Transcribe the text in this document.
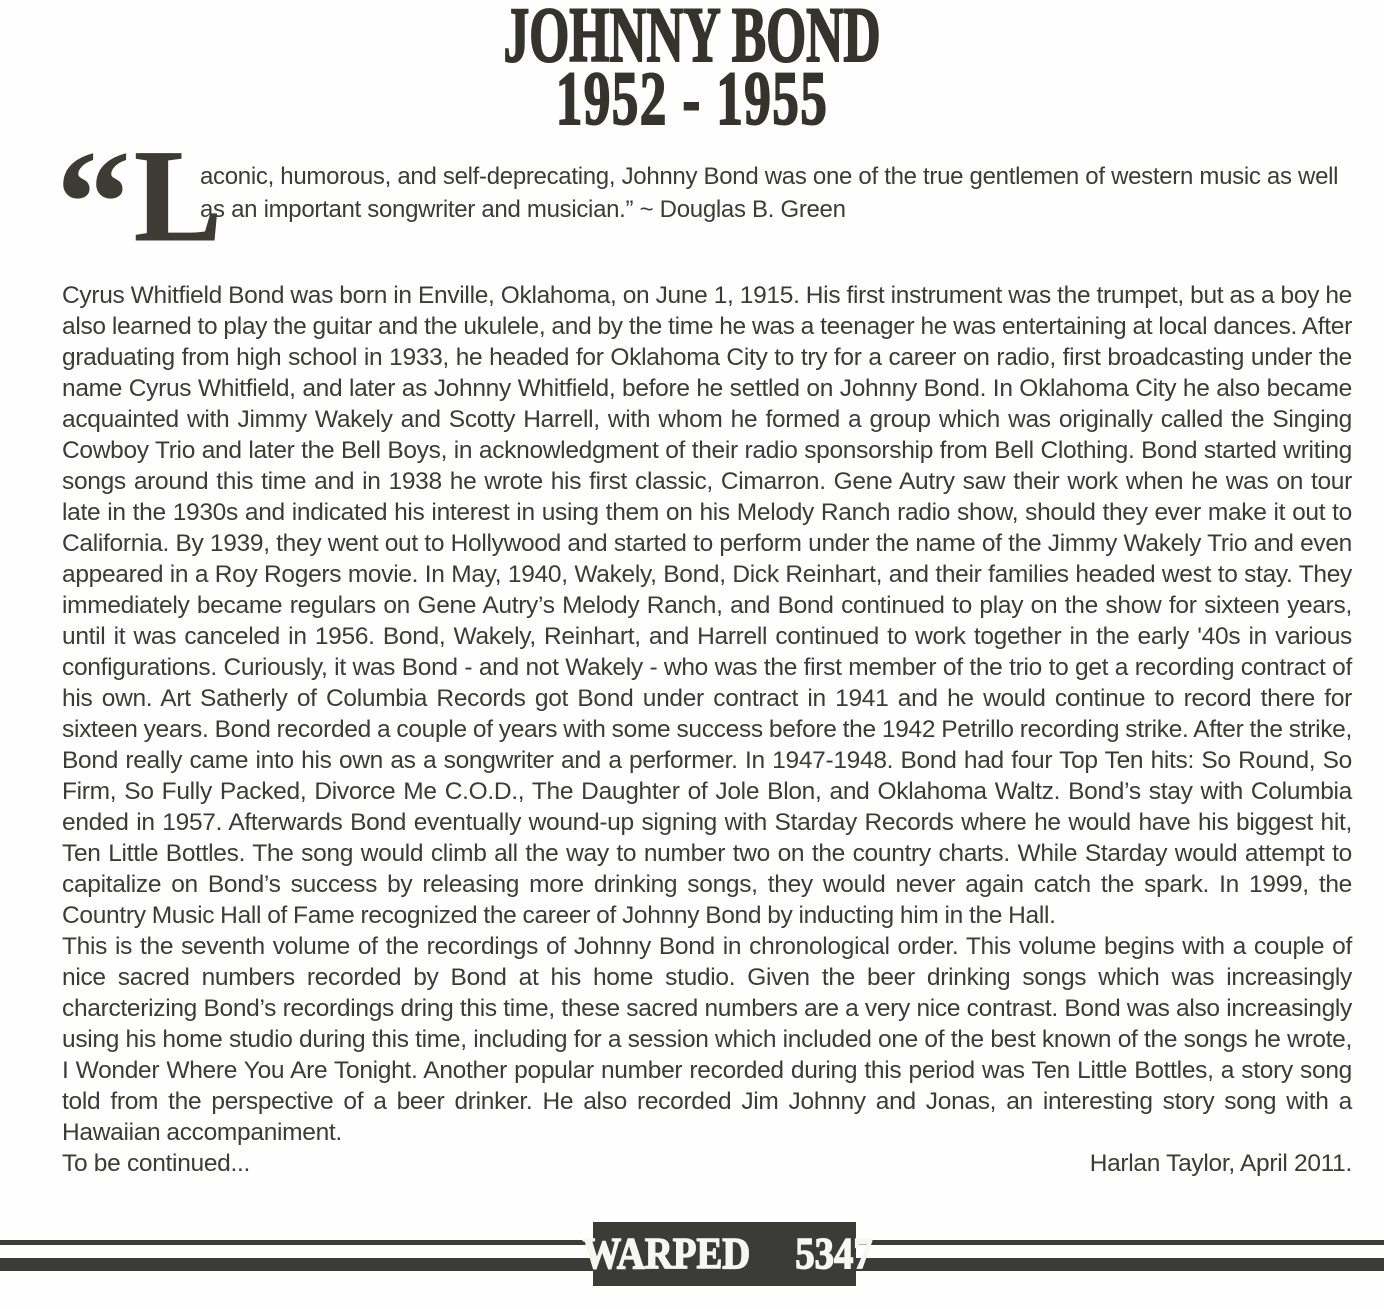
JOHNNY BOND
1952 - 1955
“ L
aconic, humorous, and self-deprecating, Johnny Bond was one of the true gentlemen of western music as well as an important songwriter and musician.” ~ Douglas B. Green

Cyrus Whitfield Bond was born in Enville, Oklahoma, on June 1, 1915. His first instrument was the trumpet, but as a boy he also learned to play the guitar and the ukulele, and by the time he was a teenager he was entertaining at local dances. After graduating from high school in 1933, he headed for Oklahoma City to try for a career on radio, first broadcasting under the name Cyrus Whitfield, and later as Johnny Whitfield, before he settled on Johnny Bond. In Oklahoma City he also became acquainted with Jimmy Wakely and Scotty Harrell, with whom he formed a group which was originally called the Singing Cowboy Trio and later the Bell Boys, in acknowledgment of their radio sponsorship from Bell Clothing. Bond started writing songs around this time and in 1938 he wrote his first classic, Cimarron. Gene Autry saw their work when he was on tour late in the 1930s and indicated his interest in using them on his Melody Ranch radio show, should they ever make it out to California. By 1939, they went out to Hollywood and started to perform under the name of the Jimmy Wakely Trio and even appeared in a Roy Rogers movie. In May, 1940, Wakely, Bond, Dick Reinhart, and their families headed west to stay. They immediately became regulars on Gene Autry’s Melody Ranch, and Bond continued to play on the show for sixteen years, until it was canceled in 1956. Bond, Wakely, Reinhart, and Harrell continued to work together in the early '40s in various configurations. Curiously, it was Bond - and not Wakely - who was the first member of the trio to get a recording contract of his own. Art Satherly of Columbia Records got Bond under contract in 1941 and he would continue to record there for sixteen years. Bond recorded a couple of years with some success before the 1942 Petrillo recording strike. After the strike, Bond really came into his own as a songwriter and a performer. In 1947-1948. Bond had four Top Ten hits: So Round, So Firm, So Fully Packed, Divorce Me C.O.D., The Daughter of Jole Blon, and Oklahoma Waltz. Bond’s stay with Columbia ended in 1957. Afterwards Bond eventually wound-up signing with Starday Records where he would have his biggest hit, Ten Little Bottles. The song would climb all the way to number two on the country charts. While Starday would attempt to capitalize on Bond’s success by releasing more drinking songs, they would never again catch the spark. In 1999, the Country Music Hall of Fame recognized the career of Johnny Bond by inducting him in the Hall.

This is the seventh volume of the recordings of Johnny Bond in chronological order. This volume begins with a couple of nice sacred numbers recorded by Bond at his home studio. Given the beer drinking songs which was increasingly charcterizing Bond’s recordings dring this time, these sacred numbers are a very nice contrast. Bond was also increasingly using his home studio during this time, including for a session which included one of the best known of the songs he wrote, I Wonder Where You Are Tonight. Another popular number recorded during this period was Ten Little Bottles, a story song told from the perspective of a beer drinker. He also recorded Jim Johnny and Jonas, an interesting story song with a Hawaiian accompaniment.

To be continued...	Harlan Taylor, April 2011.
WARPED 5347
